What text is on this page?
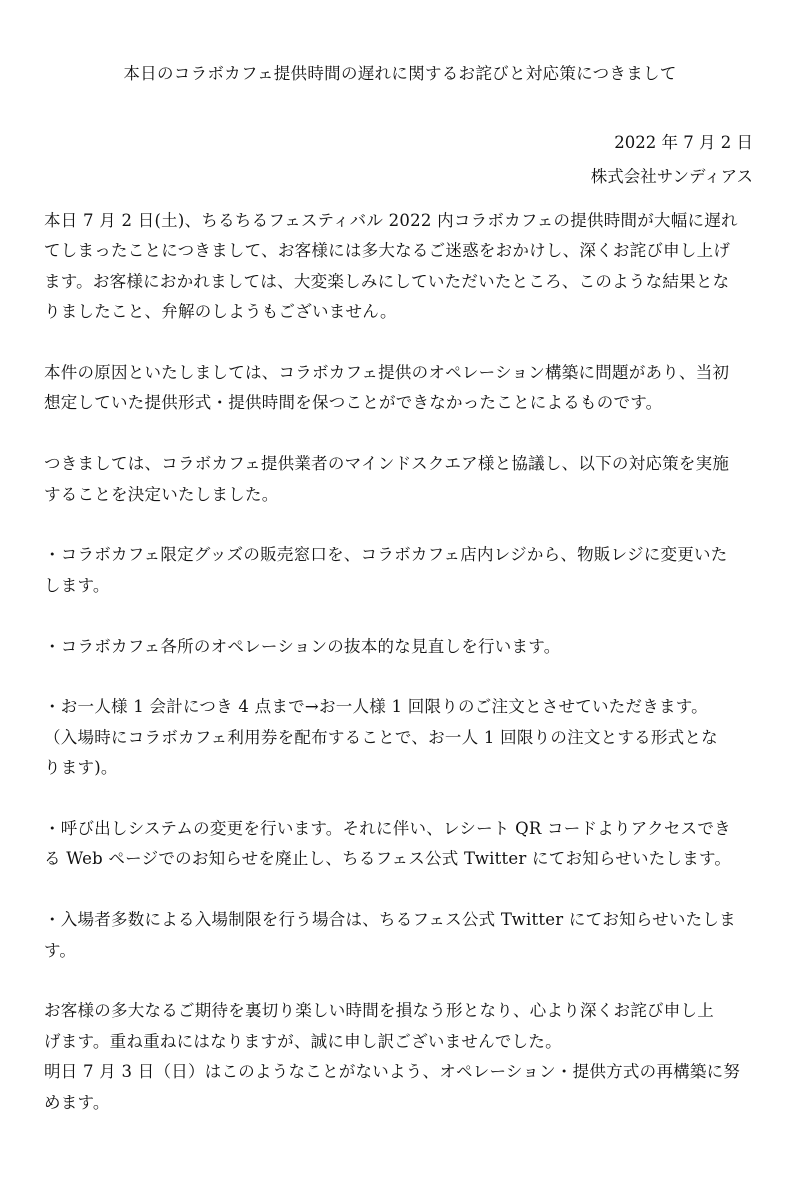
本日のコラボカフェ提供時間の遅れに関するお詫びと対応策につきまして
2022 年 7 月 2 日
株式会社サンディアス
本日 7 月 2 日(土)、ちるちるフェスティバル 2022 内コラボカフェの提供時間が大幅に遅れ
てしまったことにつきまして、お客様には多大なるご迷惑をおかけし、深くお詫び申し上げ
ます。お客様におかれましては、大変楽しみにしていただいたところ、このような結果とな
りましたこと、弁解のしようもございません。
本件の原因といたしましては、コラボカフェ提供のオペレーション構築に問題があり、当初
想定していた提供形式・提供時間を保つことができなかったことによるものです。
つきましては、コラボカフェ提供業者のマインドスクエア様と協議し、以下の対応策を実施
することを決定いたしました。
・コラボカフェ限定グッズの販売窓口を、コラボカフェ店内レジから、物販レジに変更いた
します。
・コラボカフェ各所のオペレーションの抜本的な見直しを行います。
・お一人様 1 会計につき 4 点まで→お一人様 1 回限りのご注文とさせていただきます。
（入場時にコラボカフェ利用券を配布することで、お一人 1 回限りの注文とする形式とな
ります)。
・呼び出しシステムの変更を行います。それに伴い、レシート QR コードよりアクセスでき
る Web ページでのお知らせを廃止し、ちるフェス公式 Twitter にてお知らせいたします。
・入場者多数による入場制限を行う場合は、ちるフェス公式 Twitter にてお知らせいたしま
す。
お客様の多大なるご期待を裏切り楽しい時間を損なう形となり、心より深くお詫び申し上
げます。重ね重ねにはなりますが、誠に申し訳ございませんでした。
明日 7 月 3 日（日）はこのようなことがないよう、オペレーション・提供方式の再構築に努
めます。
